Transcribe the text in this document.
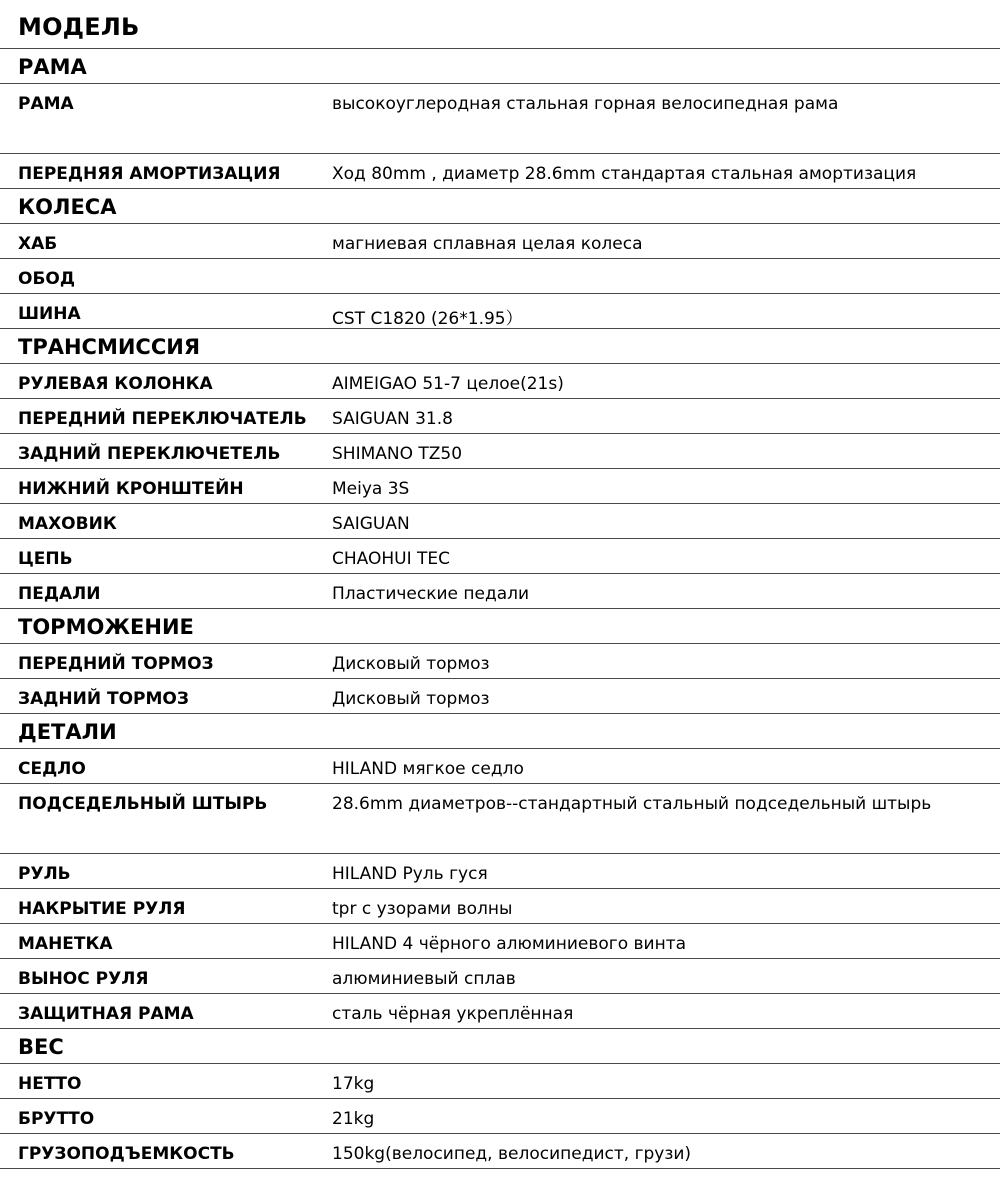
МОДЕЛЬ
РАМА
РАМА	высокоуглеродная стальная горная велосипедная рама
ПЕРЕДНЯЯ АМОРТИЗАЦИЯ	Ход 80mm , диаметр 28.6mm стандартая стальная амортизация
КОЛЕСА
ХАБ	магниевая сплавная целая колеса
ОБОД
ШИНА	CST C1820 (26*1.95）
ТРАНСМИССИЯ
РУЛЕВАЯ КОЛОНКА	AIMEIGAO 51-7 целое(21s)
ПЕРЕДНИЙ ПЕРЕКЛЮЧАТЕЛЬ SAIGUAN 31.8
ЗАДНИЙ ПЕРЕКЛЮЧЕТЕЛЬ	SHIMANO TZ50
НИЖНИЙ КРОНШТЕЙН	Meiya 3S
МАХОВИК	SAIGUAN
ЦЕПЬ	CHAOHUI TEC
ПЕДАЛИ	Пластические педали
ТОРМОЖЕНИЕ
ПЕРЕДНИЙ ТОРМОЗ	Дисковый тормоз
ЗАДНИЙ ТОРМОЗ	Дисковый тормоз
ДЕТАЛИ
СЕДЛО	HILAND мягкое седло
ПОДСЕДЕЛЬНЫЙ ШТЫРЬ	28.6mm диаметров--стандартный стальный подседельный штырь
РУЛЬ	HILAND Руль гуся
НАКРЫТИЕ РУЛЯ	tpr с узорами волны
МАНЕТКА	HILAND 4 чёрного алюминиевого винта
ВЫНОС РУЛЯ	алюминиевый сплав
ЗАЩИТНАЯ РАМА	сталь чёрная укреплённая
ВЕС
НЕТТО	17kg
БРУТТО	21kg
ГРУЗОПОДЪЕМКОСТЬ	150kg(велосипед, велосипедист, грузи)
